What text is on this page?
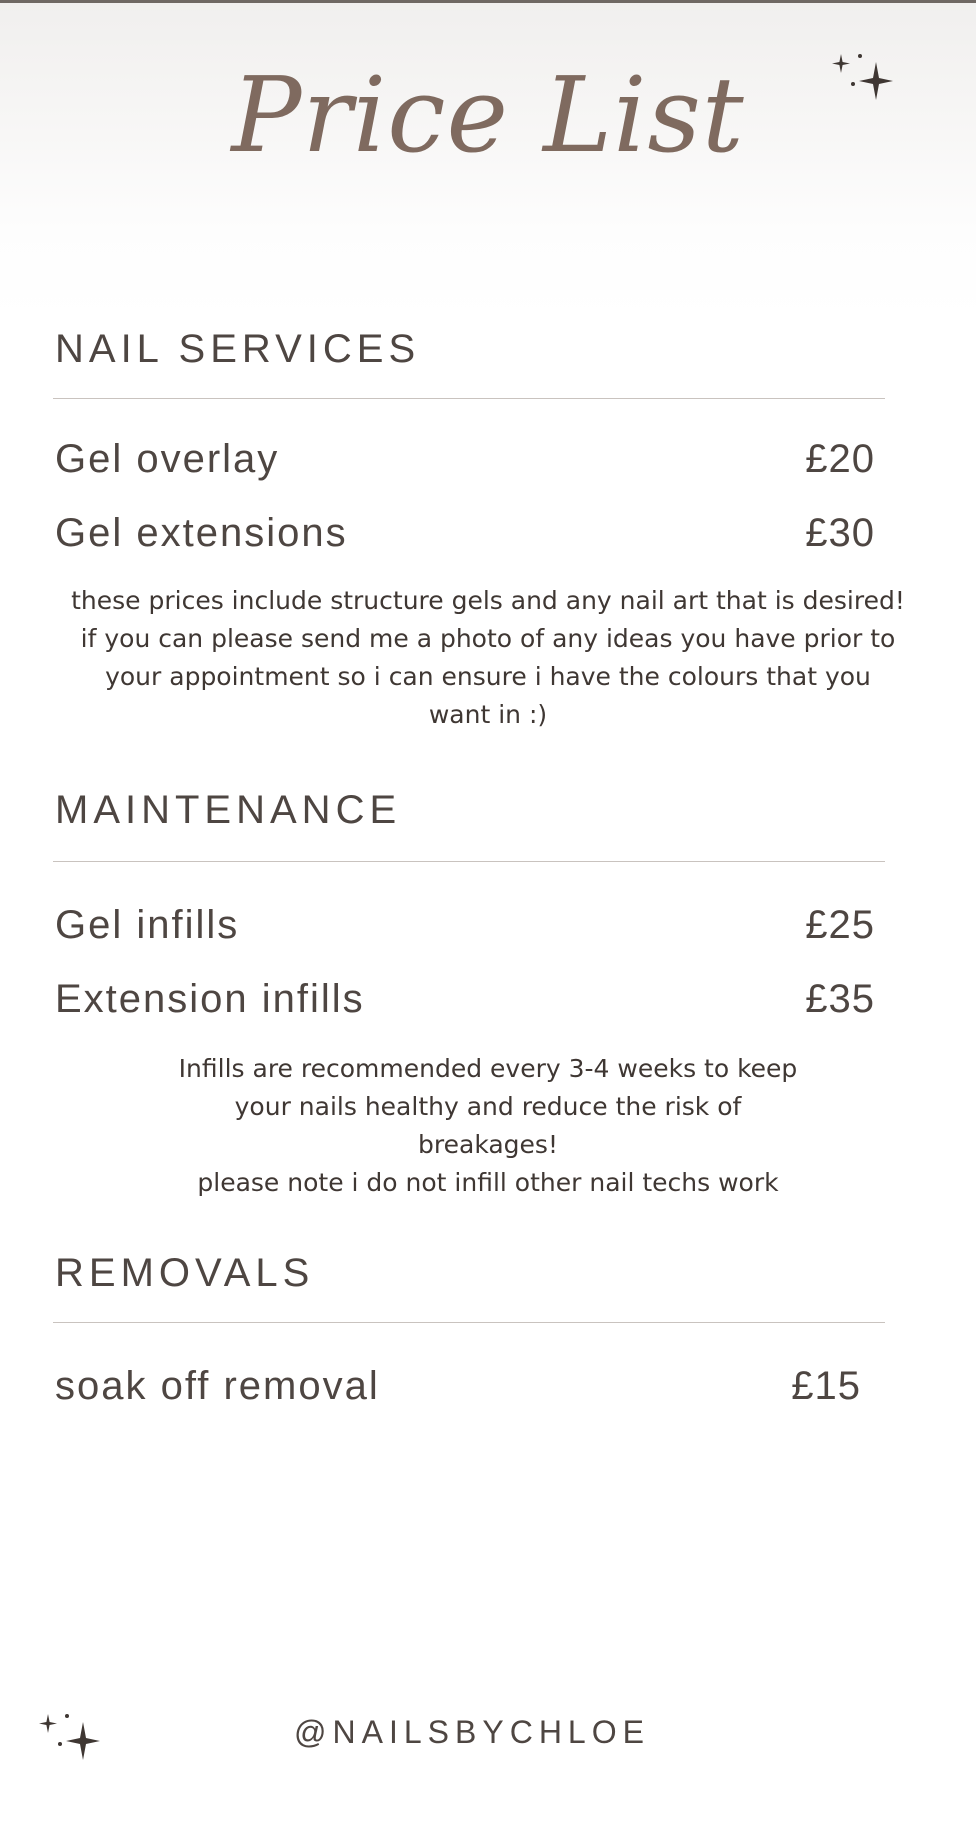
Price List
NAIL SERVICES
Gel overlay	£20
Gel extensions	£30
these prices include structure gels and any nail art that is desired!
if you can please send me a photo of any ideas you have prior to
your appointment so i can ensure i have the colours that you
want in :)
MAINTENANCE
Gel infills	£25
Extension infills	£35
Infills are recommended every 3-4 weeks to keep
your nails healthy and reduce the risk of
breakages!
please note i do not infill other nail techs work
REMOVALS
soak off removal	£15
@NAILSBYCHLOE
